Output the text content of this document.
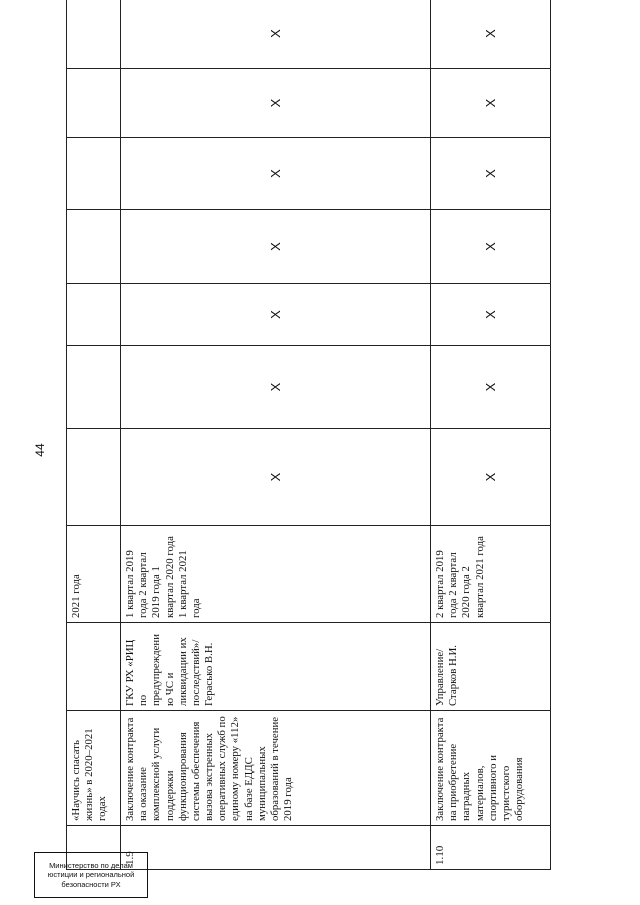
44
	«Научись спасать жизнь» в 2020–2021 годах		2021 года							
1.9	Заключение контракта на оказание комплексной услуги поддержки функционирования системы обеспечения вызова экстренных оперативных служб по единому номеру «112» на базе ЕДДС муниципальных образований в течение 2019 года	ГКУ РХ «РИЦ по предупреждению ЧС и ликвидации их последствий»/ Герасько В.Н.	1 квартал 2019 года 2 квартал 2019 года 1 квартал 2020 года 1 квартал 2021 года	Х	Х	Х	Х	Х	Х	Х
1.10	Заключение контракта на приобретение наградных материалов, спортивного и туристского оборудования	Управление/ Старков Н.И.	2 квартал 2019 года 2 квартал 2020 года 2 квартал 2021 года	Х	Х	Х	Х	Х	Х	Х
Министерство по делам
юстиции и региональной
безопасности РХ
